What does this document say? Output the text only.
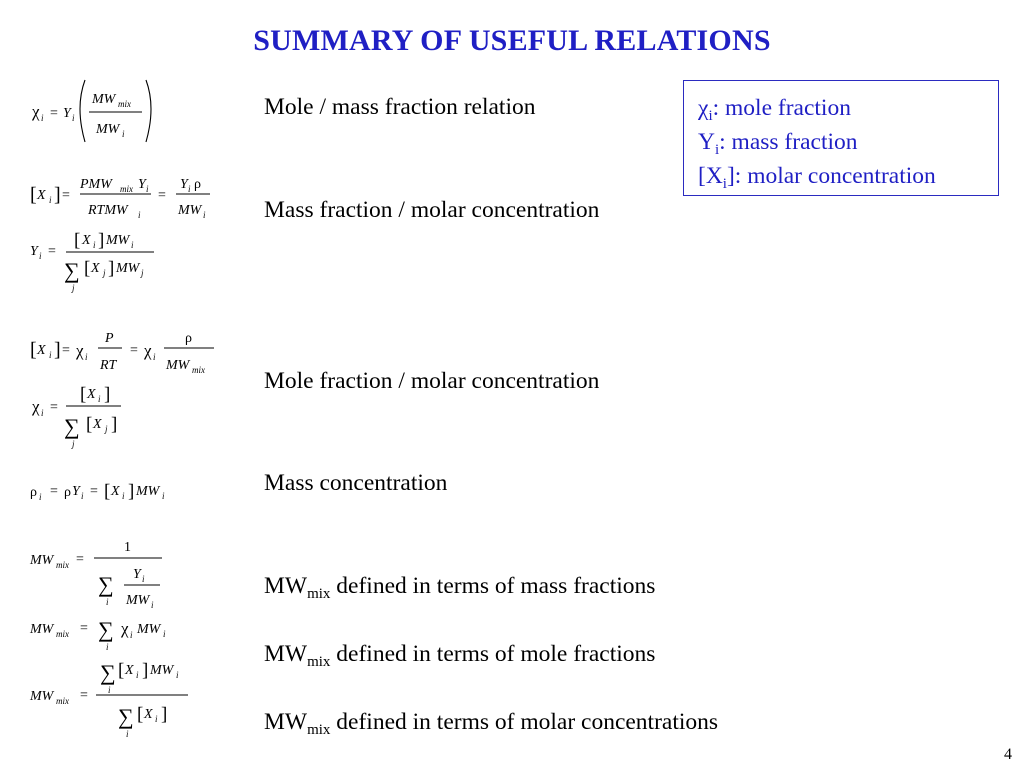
SUMMARY OF USEFUL RELATIONS
Mole / mass fraction relation
Mass fraction / molar concentration
Mole fraction / molar concentration
Mass concentration
$MW_{mix}$ defined in terms of mass fractions
$MW_{mix}$ defined in terms of mole fractions
$MW_{mix}$ defined in terms of molar concentrations
$\chi_i$: mole fraction
$Y_i$: mass fraction
$[X_i]$: molar concentration
4
χ i = Y i
MW mix
MW i
[ X i ] =
PMW mix Y i
RTMW i
=
Y i ρ
MW i
Y i =
[ X i ] MW i
∑
j
[ X j ] MW j
[ X i ] = χ i
P
RT
= χ i
ρ
MW mix
χ i =
[ X i ]
∑
j
[ X j ]
ρ i = ρ Y i = [ X i ] MW i
MW mix =
1
∑
i
Y i
MW i
MW mix = ∑
i
χ i MW i
MW mix =
∑
i
[ X i ] MW i
∑
i
[ X i ]
